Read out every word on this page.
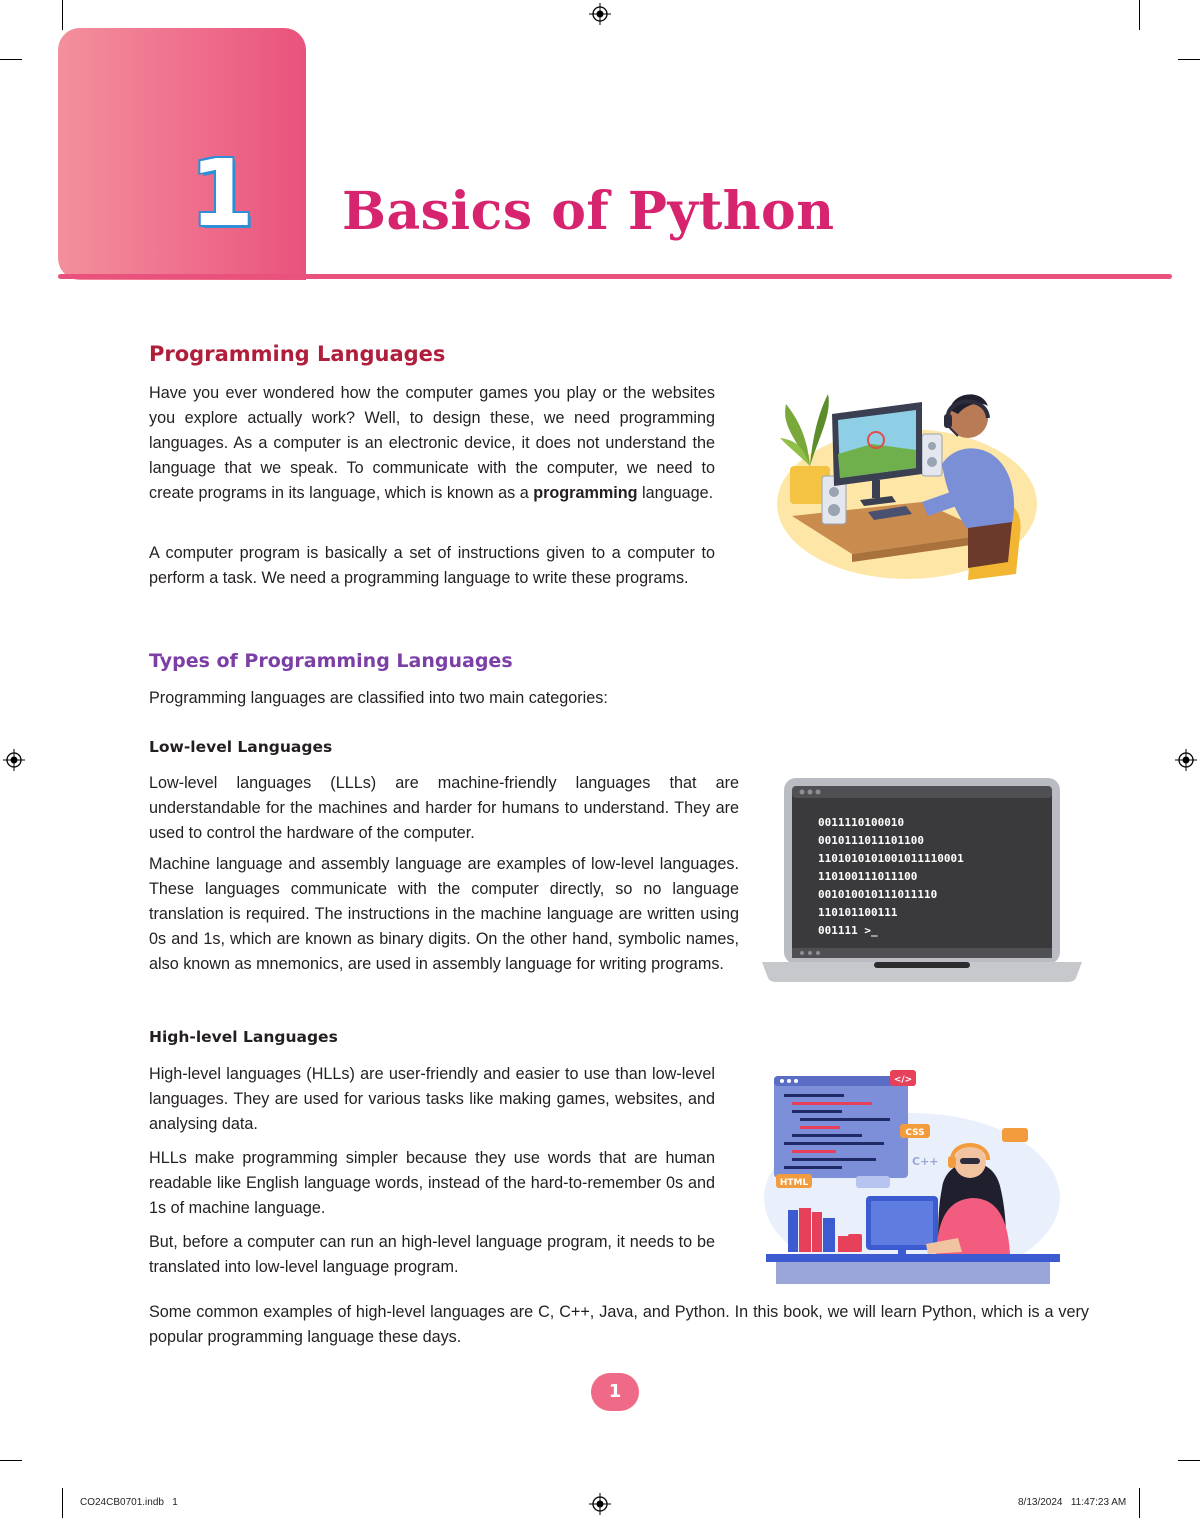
1 Basics of Python
Programming Languages

Have you ever wondered how the computer games you play or the websites you explore actually work? Well, to design these, we need programming languages. As a computer is an electronic device, it does not understand the language that we speak. To communicate with the computer, we need to create programs in its language, which is known as a programming language.

A computer program is basically a set of instructions given to a computer to perform a task. We need a programming language to write these programs.

Types of Programming Languages

Programming languages are classified into two main categories:

Low-level Languages

Low-level languages (LLLs) are machine-friendly languages that are understandable for the machines and harder for humans to understand. They are used to control the hardware of the computer.

Machine language and assembly language are examples of low-level languages. These languages communicate with the computer directly, so no language translation is required. The instructions in the machine language are written using 0s and 1s, which are known as binary digits. On the other hand, symbolic names, also known as mnemonics, are used in assembly language for writing programs.

0011110100010
0010111011101100
1101010101001011110001
110100111011100
001010010111011110
110101100111
001111 >_
High-level Languages

High-level languages (HLLs) are user-friendly and easier to use than low-level languages. They are used for various tasks like making games, websites, and analysing data.

HLLs make programming simpler because they use words that are human readable like English language words, instead of the hard-to-remember 0s and 1s of machine language.

But, before a computer can run an high-level language program, it needs to be translated into low-level language program.

</>
CSS
C++
HTML

Some common examples of high-level languages are C, C++, Java, and Python. In this book, we will learn Python, which is a very popular programming language these days.

1
CO24CB0701.indb   1	8/13/2024   11:47:23 AM
